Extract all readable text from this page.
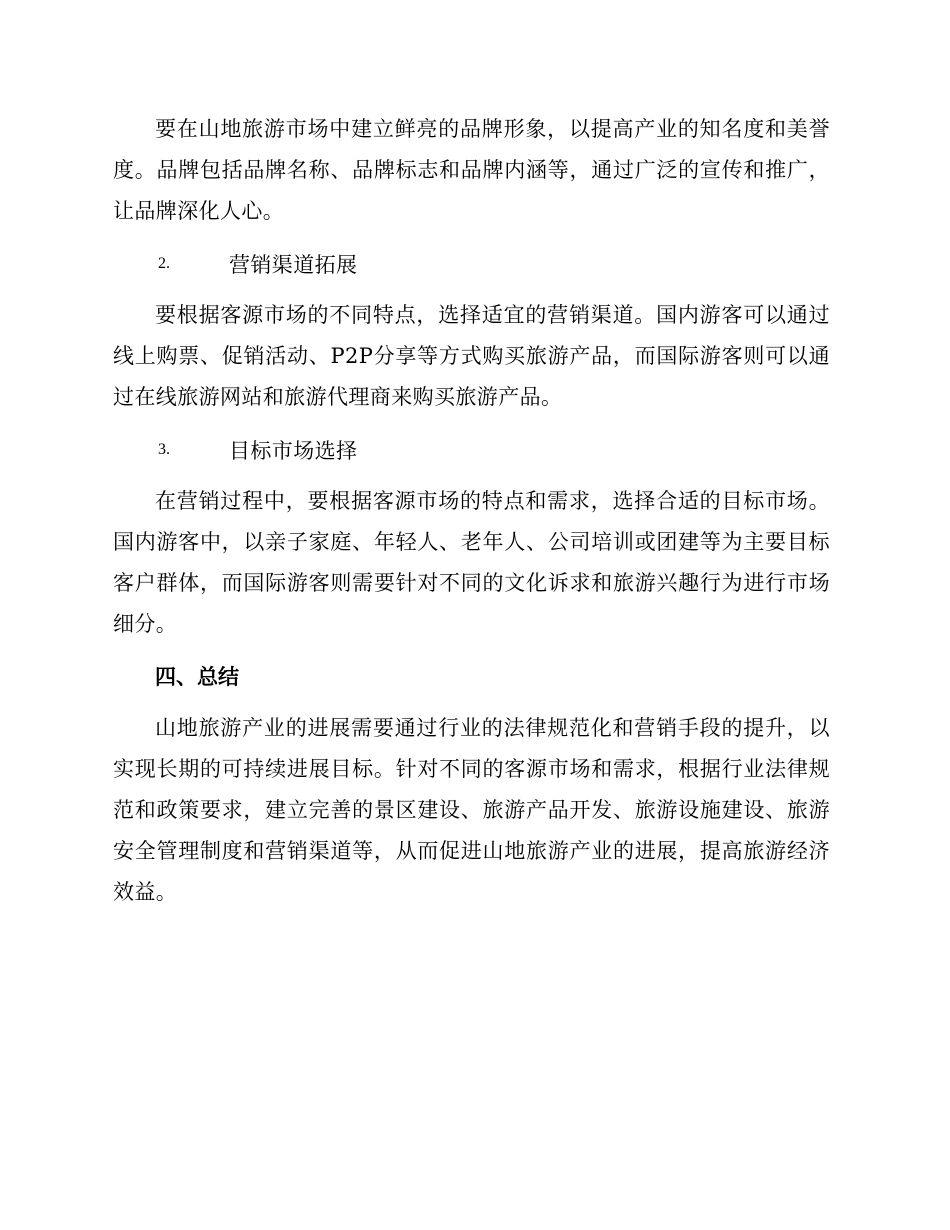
要在山地旅游市场中建立鲜亮的品牌形象，以提高产业的知名度和美誉度。品牌包括品牌名称、品牌标志和品牌内涵等，通过广泛的宣传和推广，让品牌深化人心。

2.	营销渠道拓展

要根据客源市场的不同特点，选择适宜的营销渠道。国内游客可以通过线上购票、促销活动、P2P分享等方式购买旅游产品，而国际游客则可以通过在线旅游网站和旅游代理商来购买旅游产品。

3.	目标市场选择

在营销过程中，要根据客源市场的特点和需求，选择合适的目标市场。国内游客中，以亲子家庭、年轻人、老年人、公司培训或团建等为主要目标客户群体，而国际游客则需要针对不同的文化诉求和旅游兴趣行为进行市场细分。

四、总结

山地旅游产业的进展需要通过行业的法律规范化和营销手段的提升，以实现长期的可持续进展目标。针对不同的客源市场和需求，根据行业法律规范和政策要求，建立完善的景区建设、旅游产品开发、旅游设施建设、旅游安全管理制度和营销渠道等，从而促进山地旅游产业的进展，提高旅游经济效益。
